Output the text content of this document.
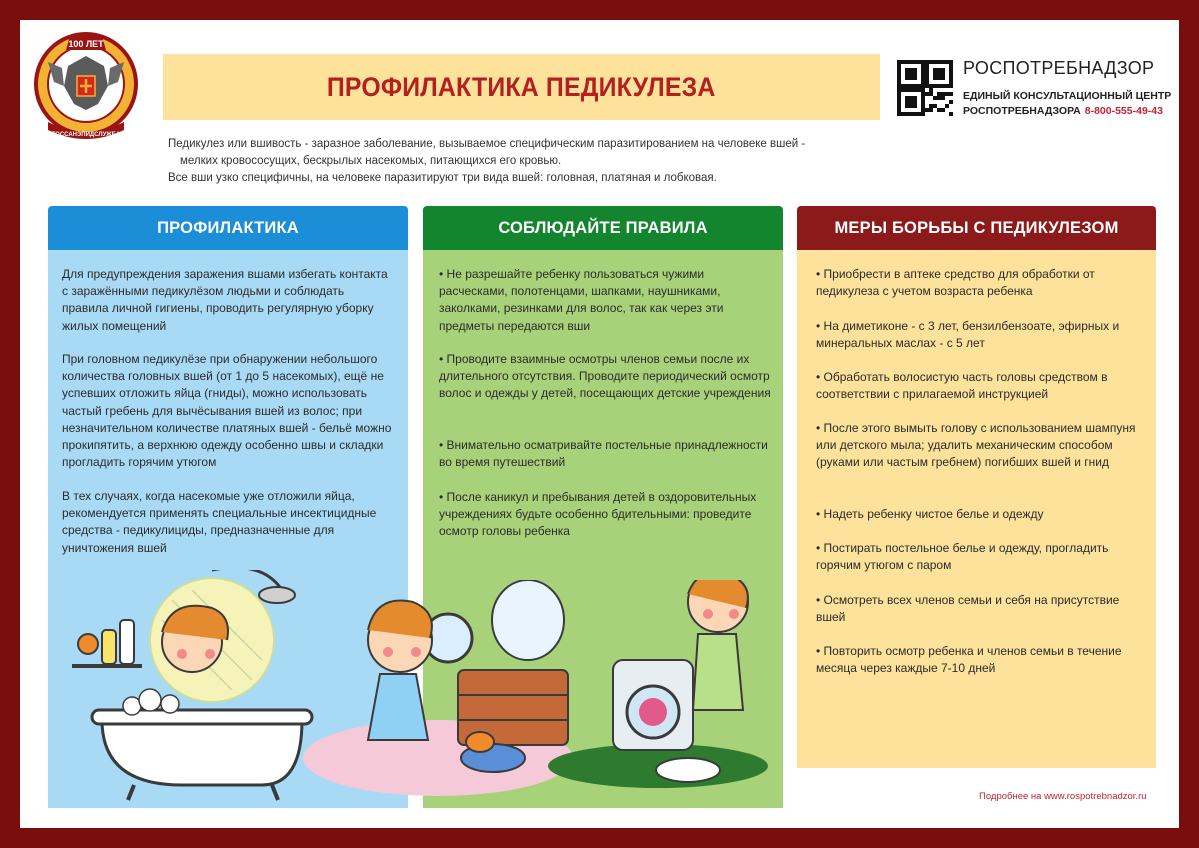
100 ЛЕТ
ГОССАНЭПИДСЛУЖБА
ПРОФИЛАКТИКА ПЕДИКУЛЕЗА
РОСПОТРЕБНАДЗОР
ЕДИНЫЙ КОНСУЛЬТАЦИОННЫЙ ЦЕНТР
РОСПОТРЕБНАДЗОРА 8-800-555-49-43

Педикулез или вшивость - заразное заболевание, вызываемое специфическим паразитированием на человеке вшей -

мелких кровососущих, бескрылых насекомых, питающихся его кровью.

Все вши узко специфичны, на человеке паразитируют три вида вшей: головная, платяная и лобковая.

ПРОФИЛАКТИКА
Для предупреждения заражения вшами избегать контакта с заражёнными педикулёзом людьми и соблюдать правила личной гигиены, проводить регулярную уборку жилых помещений
При головном педикулёзе при обнаружении небольшого количества головных вшей (от 1 до 5 насекомых), ещё не успевших отложить яйца (гниды), можно использовать частый гребень для вычёсывания вшей из волос; при незначительном количестве платяных вшей - бельё можно прокипятить, а верхнюю одежду особенно швы и складки прогладить горячим утюгом
В тех случаях, когда насекомые уже отложили яйца, рекомендуется применять специальные инсектицидные средства - педикулициды, предназначенные для уничтожения вшей
СОБЛЮДАЙТЕ ПРАВИЛА
• Не разрешайте ребенку пользоваться чужими расческами, полотенцами, шапками, наушниками, заколками, резинками для волос, так как через эти предметы передаются вши
• Проводите взаимные осмотры членов семьи после их длительного отсутствия. Проводите периодический осмотр волос и одежды у детей, посещающих детские учреждения
• Внимательно осматривайте постельные принадлежности во время путешествий
• После каникул и пребывания детей в оздоровительных учреждениях будьте особенно бдительными: проведите осмотр головы ребенка
МЕРЫ БОРЬБЫ С ПЕДИКУЛЕЗОМ
• Приобрести в аптеке средство для обработки от педикулеза с учетом возраста ребенка
• На диметиконе - с 3 лет, бензилбензоате, эфирных и минеральных маслах - с 5 лет
• Обработать волосистую часть головы средством в соответствии с прилагаемой инструкцией
• После этого вымыть голову с использованием шампуня или детского мыла; удалить механическим способом (руками или частым гребнем) погибших вшей и гнид
• Надеть ребенку чистое белье и одежду
• Постирать постельное белье и одежду, прогладить горячим утюгом с паром
• Осмотреть всех членов семьи и себя на присутствие вшей
• Повторить осмотр ребенка и членов семьи в течение месяца через каждые 7-10 дней
Подробнее на www.rospotrebnadzor.ru
